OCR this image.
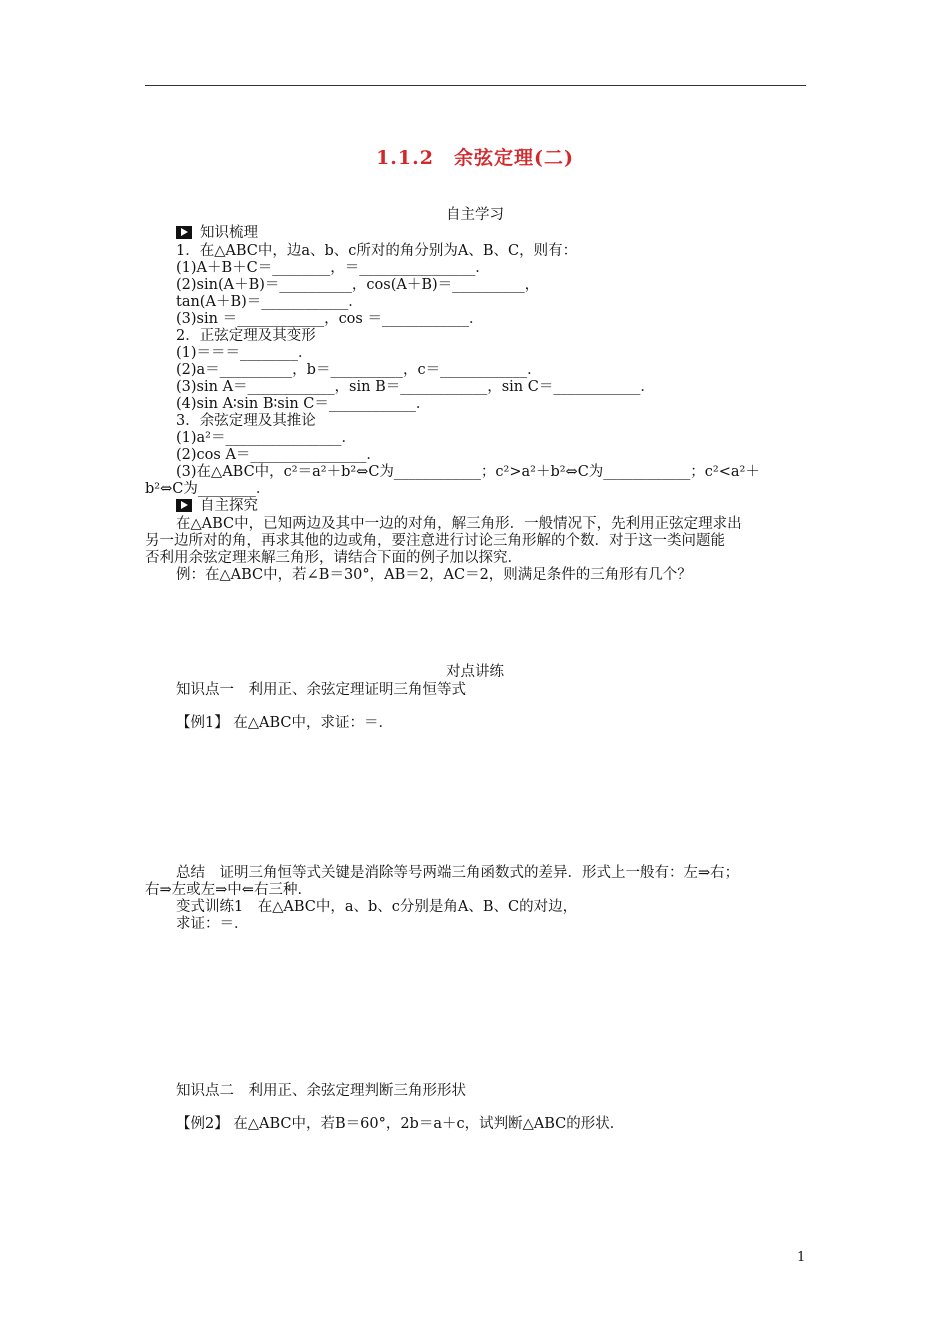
1.1.2　余弦定理(二)
自主学习
知识梳理
1．在△ABC中，边a、b、c所对的角分别为A、B、C，则有：
(1)A＋B＋C＝________，＝________________．
(2)sin(A＋B)＝__________，cos(A＋B)＝__________，
tan(A＋B)＝____________．
(3)sin ＝____________，cos ＝____________．
2．正弦定理及其变形
(1)＝＝＝________．
(2)a＝__________，b＝__________，c＝____________．
(3)sin A＝____________，sin B＝____________，sin C＝____________．
(4)sin A∶sin B∶sin C＝____________．
3．余弦定理及其推论
(1)a²＝________________．
(2)cos A＝________________．
(3)在△ABC中，c²＝a²＋b²⇔C为____________；c²>a²＋b²⇔C为____________；c²<a²＋
b²⇔C为________．
自主探究
在△ABC中，已知两边及其中一边的对角，解三角形．一般情况下，先利用正弦定理求出
另一边所对的角，再求其他的边或角，要注意进行讨论三角形解的个数．对于这一类问题能
否利用余弦定理来解三角形，请结合下面的例子加以探究．
例：在△ABC中，若∠B＝30°，AB＝2，AC＝2，则满足条件的三角形有几个？
对点讲练
知识点一　利用正、余弦定理证明三角恒等式
【例1】 在△ABC中，求证：＝．
总结　证明三角恒等式关键是消除等号两端三角函数式的差异．形式上一般有：左⇒右；
右⇒左或左⇒中⇐右三种．
变式训练1　在△ABC中，a、b、c分别是角A、B、C的对边，
求证：＝．
知识点二　利用正、余弦定理判断三角形形状
【例2】 在△ABC中，若B＝60°，2b＝a＋c，试判断△ABC的形状．
1
